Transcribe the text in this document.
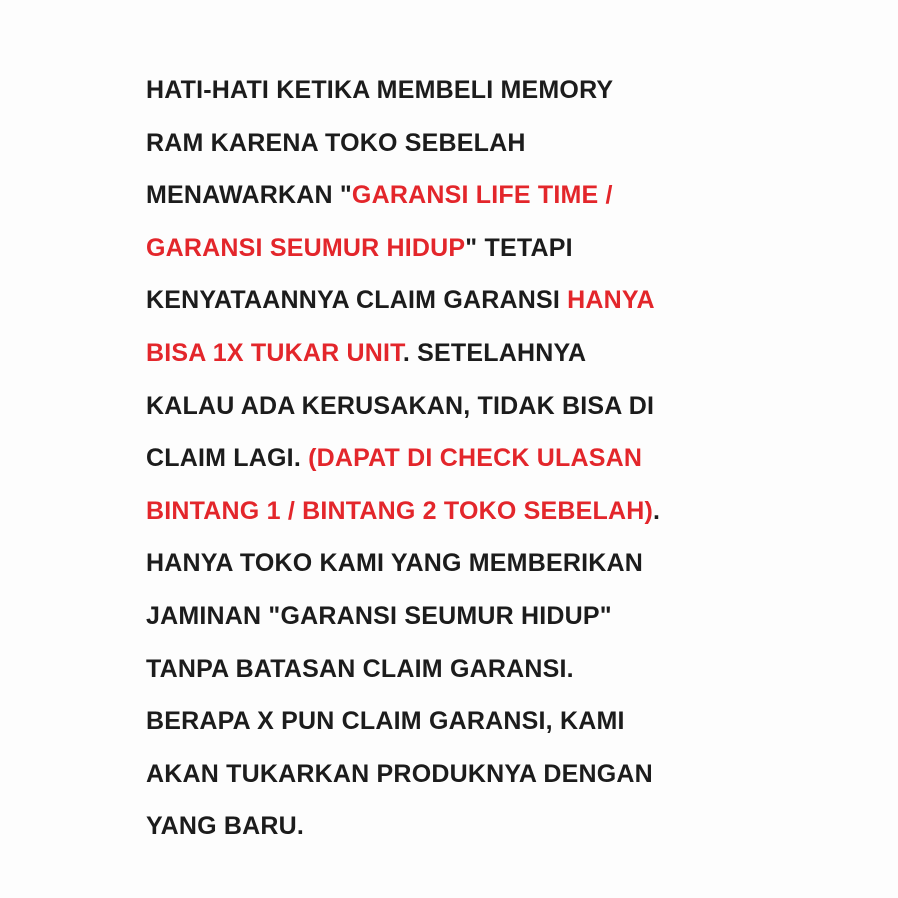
HATI-HATI KETIKA MEMBELI MEMORY
RAM KARENA TOKO SEBELAH
MENAWARKAN "GARANSI LIFE TIME /
GARANSI SEUMUR HIDUP" TETAPI
KENYATAANNYA CLAIM GARANSI HANYA
BISA 1X TUKAR UNIT. SETELAHNYA
KALAU ADA KERUSAKAN, TIDAK BISA DI
CLAIM LAGI. (DAPAT DI CHECK ULASAN
BINTANG 1 / BINTANG 2 TOKO SEBELAH).
HANYA TOKO KAMI YANG MEMBERIKAN
JAMINAN "GARANSI SEUMUR HIDUP"
TANPA BATASAN CLAIM GARANSI.
BERAPA X PUN CLAIM GARANSI, KAMI
AKAN TUKARKAN PRODUKNYA DENGAN
YANG BARU.
